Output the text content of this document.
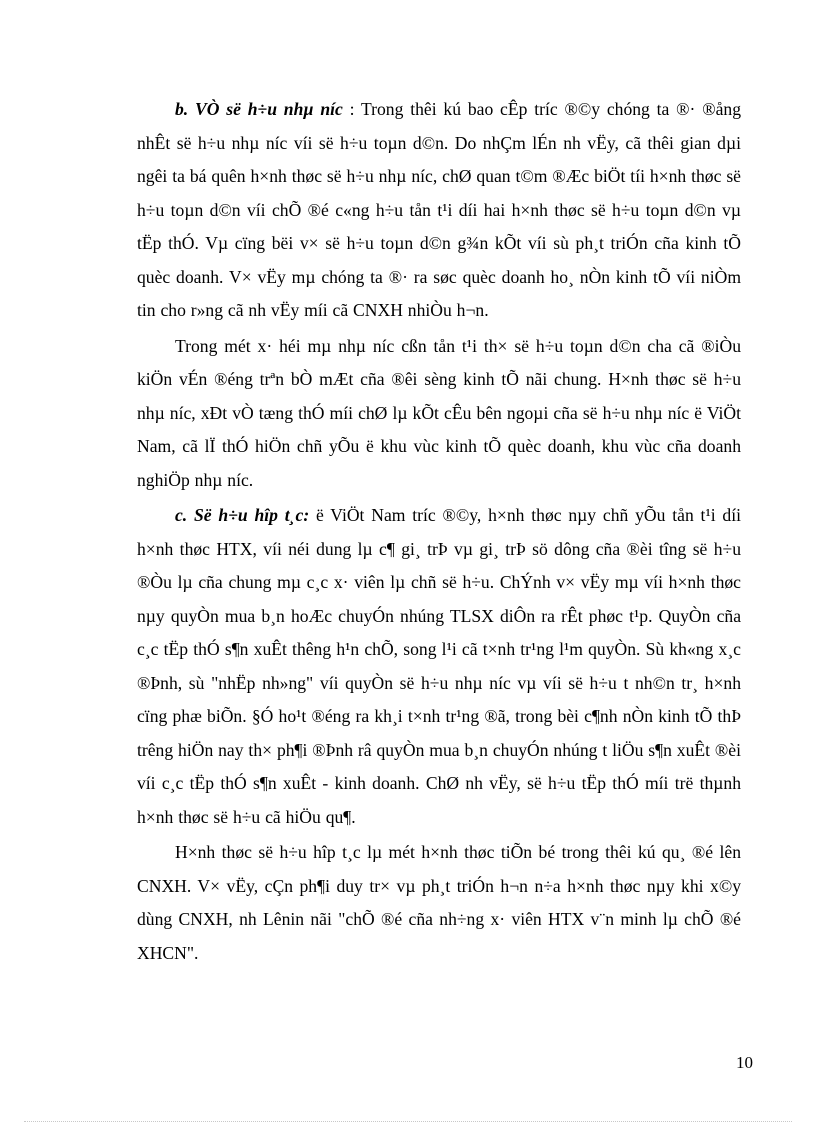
b. VÒ së h÷u nhµ níc : Trong thêi kú bao cÊp tríc ®©y chóng ta ®· ®ång nhÊt së h÷u nhµ níc víi së h÷u toµn d©n. Do nhÇm lÉn nh vËy, cã thêi gian dµi ngêi ta bá quên h×nh thøc së h÷u nhµ níc, chØ quan t©m ®Æc biÖt tíi h×nh thøc së h÷u toµn d©n víi chÕ ®é c«ng h÷u tån t¹i díi hai h×nh thøc së h÷u toµn d©n vµ tËp thÓ. Vµ cïng bëi v× së h÷u toµn d©n g¾n kÕt víi sù ph¸t triÓn cña kinh tÕ quèc doanh. V× vËy mµ chóng ta ®· ra søc quèc doanh ho¸ nÒn kinh tÕ víi niÒm tin cho r»ng cã nh vËy míi cã CNXH nhiÒu h¬n.

Trong mét x· héi mµ nhµ níc cßn tån t¹i th× së h÷u toµn d©n cha cã ®iÒu kiÖn vÉn ®éng trªn bÒ mÆt cña ®êi sèng kinh tÕ nãi chung. H×nh thøc së h÷u nhµ níc, xÐt vÒ tæng thÓ míi chØ lµ kÕt cÊu bên ngoµi cña së h÷u nhµ níc ë ViÖt Nam, cã lÏ thÓ hiÖn chñ yÕu ë khu vùc kinh tÕ quèc doanh, khu vùc cña doanh nghiÖp nhµ níc.

c. Së h÷u hîp t¸c: ë ViÖt Nam tríc ®©y, h×nh thøc nµy chñ yÕu tån t¹i díi h×nh thøc HTX, víi néi dung lµ c¶ gi¸ trÞ vµ gi¸ trÞ sö dông cña ®èi tîng së h÷u ®Òu lµ cña chung mµ c¸c x· viên lµ chñ së h÷u. ChÝnh v× vËy mµ víi h×nh thøc nµy quyÒn mua b¸n hoÆc chuyÓn nhúng TLSX diÔn ra rÊt phøc t¹p. QuyÒn cña c¸c tËp thÓ s¶n xuÊt thêng h¹n chÕ, song l¹i cã t×nh tr¹ng l¹m quyÒn. Sù kh«ng x¸c ®Þnh, sù "nhËp nh»ng" víi quyÒn së h÷u nhµ níc vµ víi së h÷u t nh©n tr¸ h×nh cïng phæ biÕn. §Ó ho¹t ®éng ra kh¸i t×nh tr¹ng ®ã, trong bèi c¶nh nÒn kinh tÕ thÞ trêng hiÖn nay th× ph¶i ®Þnh râ quyÒn mua b¸n chuyÓn nhúng t liÖu s¶n xuÊt ®èi víi c¸c tËp thÓ s¶n xuÊt - kinh doanh. ChØ nh vËy, së h÷u tËp thÓ míi trë thµnh h×nh thøc së h÷u cã hiÖu qu¶.

H×nh thøc së h÷u hîp t¸c lµ mét h×nh thøc tiÕn bé trong thêi kú qu¸ ®é lên CNXH. V× vËy, cÇn ph¶i duy tr× vµ ph¸t triÓn h¬n n÷a h×nh thøc nµy khi x©y dùng CNXH, nh Lênin nãi "chÕ ®é cña nh÷ng x· viên HTX v¨n minh lµ chÕ ®é XHCN".

10
